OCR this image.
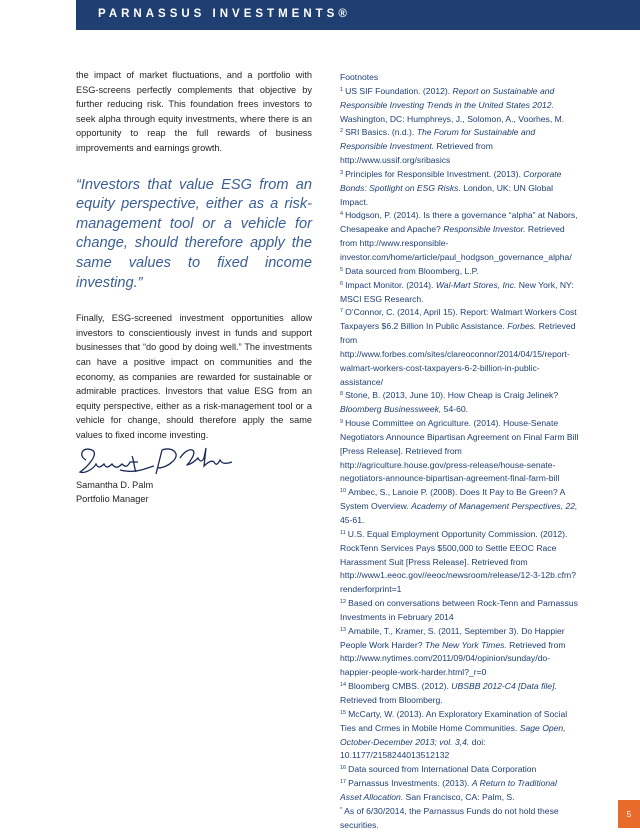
PARNASSUS INVESTMENTS®

the impact of market fluctuations, and a portfolio with ESG-screens perfectly complements that objective by further reducing risk. This foundation frees investors to seek alpha through equity investments, where there is an opportunity to reap the full rewards of business improvements and earnings growth.

“Investors that value ESG from an equity perspective, either as a risk-management tool or a vehicle for change, should therefore apply the same values to fixed income investing.”

Finally, ESG-screened investment opportunities allow investors to conscientiously invest in funds and support businesses that “do good by doing well.” The investments can have a positive impact on communities and the economy, as companies are rewarded for sustainable or admirable practices. Investors that value ESG from an equity perspective, either as a risk-management tool or a vehicle for change, should therefore apply the same values to fixed income investing.

Samantha D. Palm
Portfolio Manager

Footnotes

$^1$ US SIF Foundation. (2012). Report on Sustainable and Responsible Investing Trends in the United States 2012. Washington, DC: Humphreys, J., Solomon, A., Voorhes, M.

$^2$ SRI Basics. (n.d.). The Forum for Sustainable and Responsible Investment. Retrieved from http://www.ussif.org/sribasics

$^3$ Principles for Responsible Investment. (2013). Corporate Bonds: Spotlight on ESG Risks. London, UK: UN Global Impact.

$^4$ Hodgson, P. (2014). Is there a governance “alpha” at Nabors, Chesapeake and Apache? Responsible Investor. Retrieved from http://www.responsible-investor.com/home/article/paul_hodgson_governance_alpha/

$^5$ Data sourced from Bloomberg, L.P.

$^6$ Impact Monitor. (2014). Wal-Mart Stores, Inc. New York, NY: MSCI ESG Research.

$^7$ O’Connor, C. (2014, April 15). Report: Walmart Workers Cost Taxpayers $6.2 Billion In Public Assistance. Forbes. Retrieved from http://www.forbes.com/sites/clareoconnor/2014/04/15/report-walmart-workers-cost-taxpayers-6-2-billion-in-public-assistance/

$^8$ Stone, B. (2013, June 10). How Cheap is Craig Jelinek? Bloomberg Businessweek, 54-60.

$^9$ House Committee on Agriculture. (2014). House-Senate Negotiators Announce Bipartisan Agreement on Final Farm Bill [Press Release]. Retrieved from http://agriculture.house.gov/press-release/house-senate-negotiators-announce-bipartisan-agreement-final-farm-bill

$^{10}$ Ambec, S., Lanoie P. (2008). Does It Pay to Be Green? A System Overview. Academy of Management Perspectives, 22, 45-61.

$^{11}$ U.S. Equal Employment Opportunity Commission. (2012). RockTenn Services Pays $500,000 to Settle EEOC Race Harassment Suit [Press Release]. Retrieved from http://www1.eeoc.gov//eeoc/newsroom/release/12-3-12b.cfm?renderforprint=1

$^{12}$ Based on conversations between Rock-Tenn and Parnassus Investments in February 2014

$^{13}$ Amabile, T., Kramer, S. (2011, September 3). Do Happier People Work Harder? The New York Times. Retrieved from http://www.nytimes.com/2011/09/04/opinion/sunday/do-happier-people-work-harder.html?_r=0

$^{14}$ Bloomberg CMBS. (2012). UBSBB 2012-C4 [Data file]. Retrieved from Bloomberg.

$^{15}$ McCarty, W. (2013). An Exploratory Examination of Social Ties and Crmes in Mobile Home Communities. Sage Open, October-December 2013; vol. 3,4. doi: 10.1177/2158244013512132

$^{16}$ Data sourced from International Data Corporation

$^{17}$ Parnassus Investments. (2013). A Return to Traditional Asset Allocation. San Francisco, CA: Palm, S.

* As of 6/30/2014, the Parnassus Funds do not hold these securities.

5
